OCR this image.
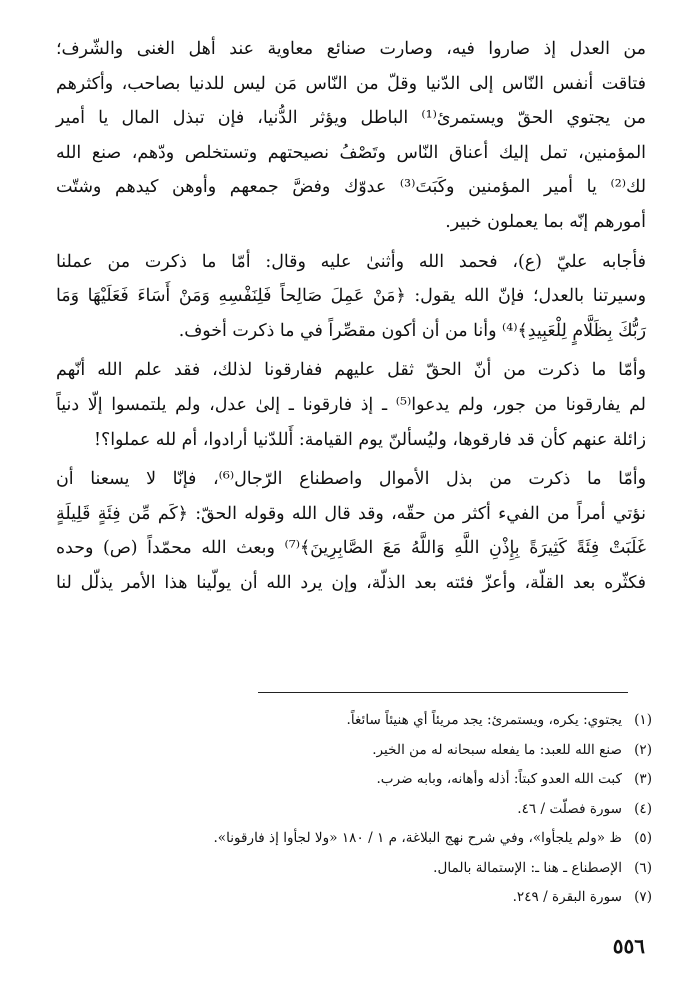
من العدل إذ صاروا فيه، وصارت صنائع معاوية عند أهل الغنى والشّرف؛
فتاقت أنفس النّاس إلى الدّنيا وقلّ من النّاس مَن ليس للدنيا بصاحب، وأكثرهم
من يجتوي الحقّ ويستمرئ⁽¹⁾ الباطل ويؤثر الدُّنيا، فإن تبذل المال يا أمير
المؤمنين، تمل إليك أعناق النّاس وتَصْفُ نصيحتهم وتستخلص ودّهم، صنع الله
لك⁽²⁾ يا أمير المؤمنين وكَبَتَ⁽³⁾ عدوّك وفضَّ جمعهم وأوهن كيدهم وشتّت
أمورهم إنّه بما يعملون خبير.

فأجابه عليّ (ع)، فحمد الله وأثنىٰ عليه وقال: أمّا ما ذكرت من عملنا
وسيرتنا بالعدل؛ فإنّ الله يقول: ﴿مَنْ عَمِلَ صَالِحاً فَلِنَفْسِهِ وَمَنْ أَسَاءَ فَعَلَيْهَا وَمَا
رَبُّكَ بِظَلَّامٍ لِلْعَبِيدِ﴾⁽⁴⁾ وأنا من أن أكون مقصِّراً في ما ذكرت أخوف.

وأمّا ما ذكرت من أنّ الحقّ ثقل عليهم ففارقونا لذلك، فقد علم الله أنّهم
لم يفارقونا من جور، ولم يدعوا⁽⁵⁾ ـ إذ فارقونا ـ إلىٰ عدل، ولم يلتمسوا إلّا دنياً
زائلة عنهم كأن قد فارقوها، وليُسألنّ يوم القيامة: أَللدّنيا أرادوا، أم لله عملوا؟!

وأمّا ما ذكرت من بذل الأموال واصطناع الرّجال⁽⁶⁾، فإنّا لا يسعنا أن
نؤتي أمراً من الفيء أكثر من حقّه، وقد قال الله وقوله الحقّ: ﴿كَم مِّن فِئَةٍ قَلِيلَةٍ
غَلَبَتْ فِئَةً كَثِيرَةً بِإِذْنِ اللَّهِ وَاللَّهُ مَعَ الصَّابِرِينَ﴾⁽⁷⁾ وبعث الله محمّداً (ص) وحده
فكثّره بعد القلّة، وأعزّ فئته بعد الذلّة، وإن يرد الله أن يولّينا هذا الأمر يذلّل لنا

(١)يجتوي: يكره، ويستمرئ: يجد مريئاً أي هنيئاً سائغاً.

(٢)صنع الله للعبد: ما يفعله سبحانه له من الخير.

(٣)كبت الله العدو كبتاً: أذله وأهانه، وبابه ضرب.

(٤)سورة فصلّت / ٤٦.

(٥)ظ «ولم يلجأوا»، وفي شرح نهج البلاغة، م ١ / ١٨٠ «ولا لجأوا إذ فارقونا».

(٦)الإصطناع ـ هنا ـ: الإستمالة بالمال.

(٧)سورة البقرة / ٢٤٩.

٥٥٦
